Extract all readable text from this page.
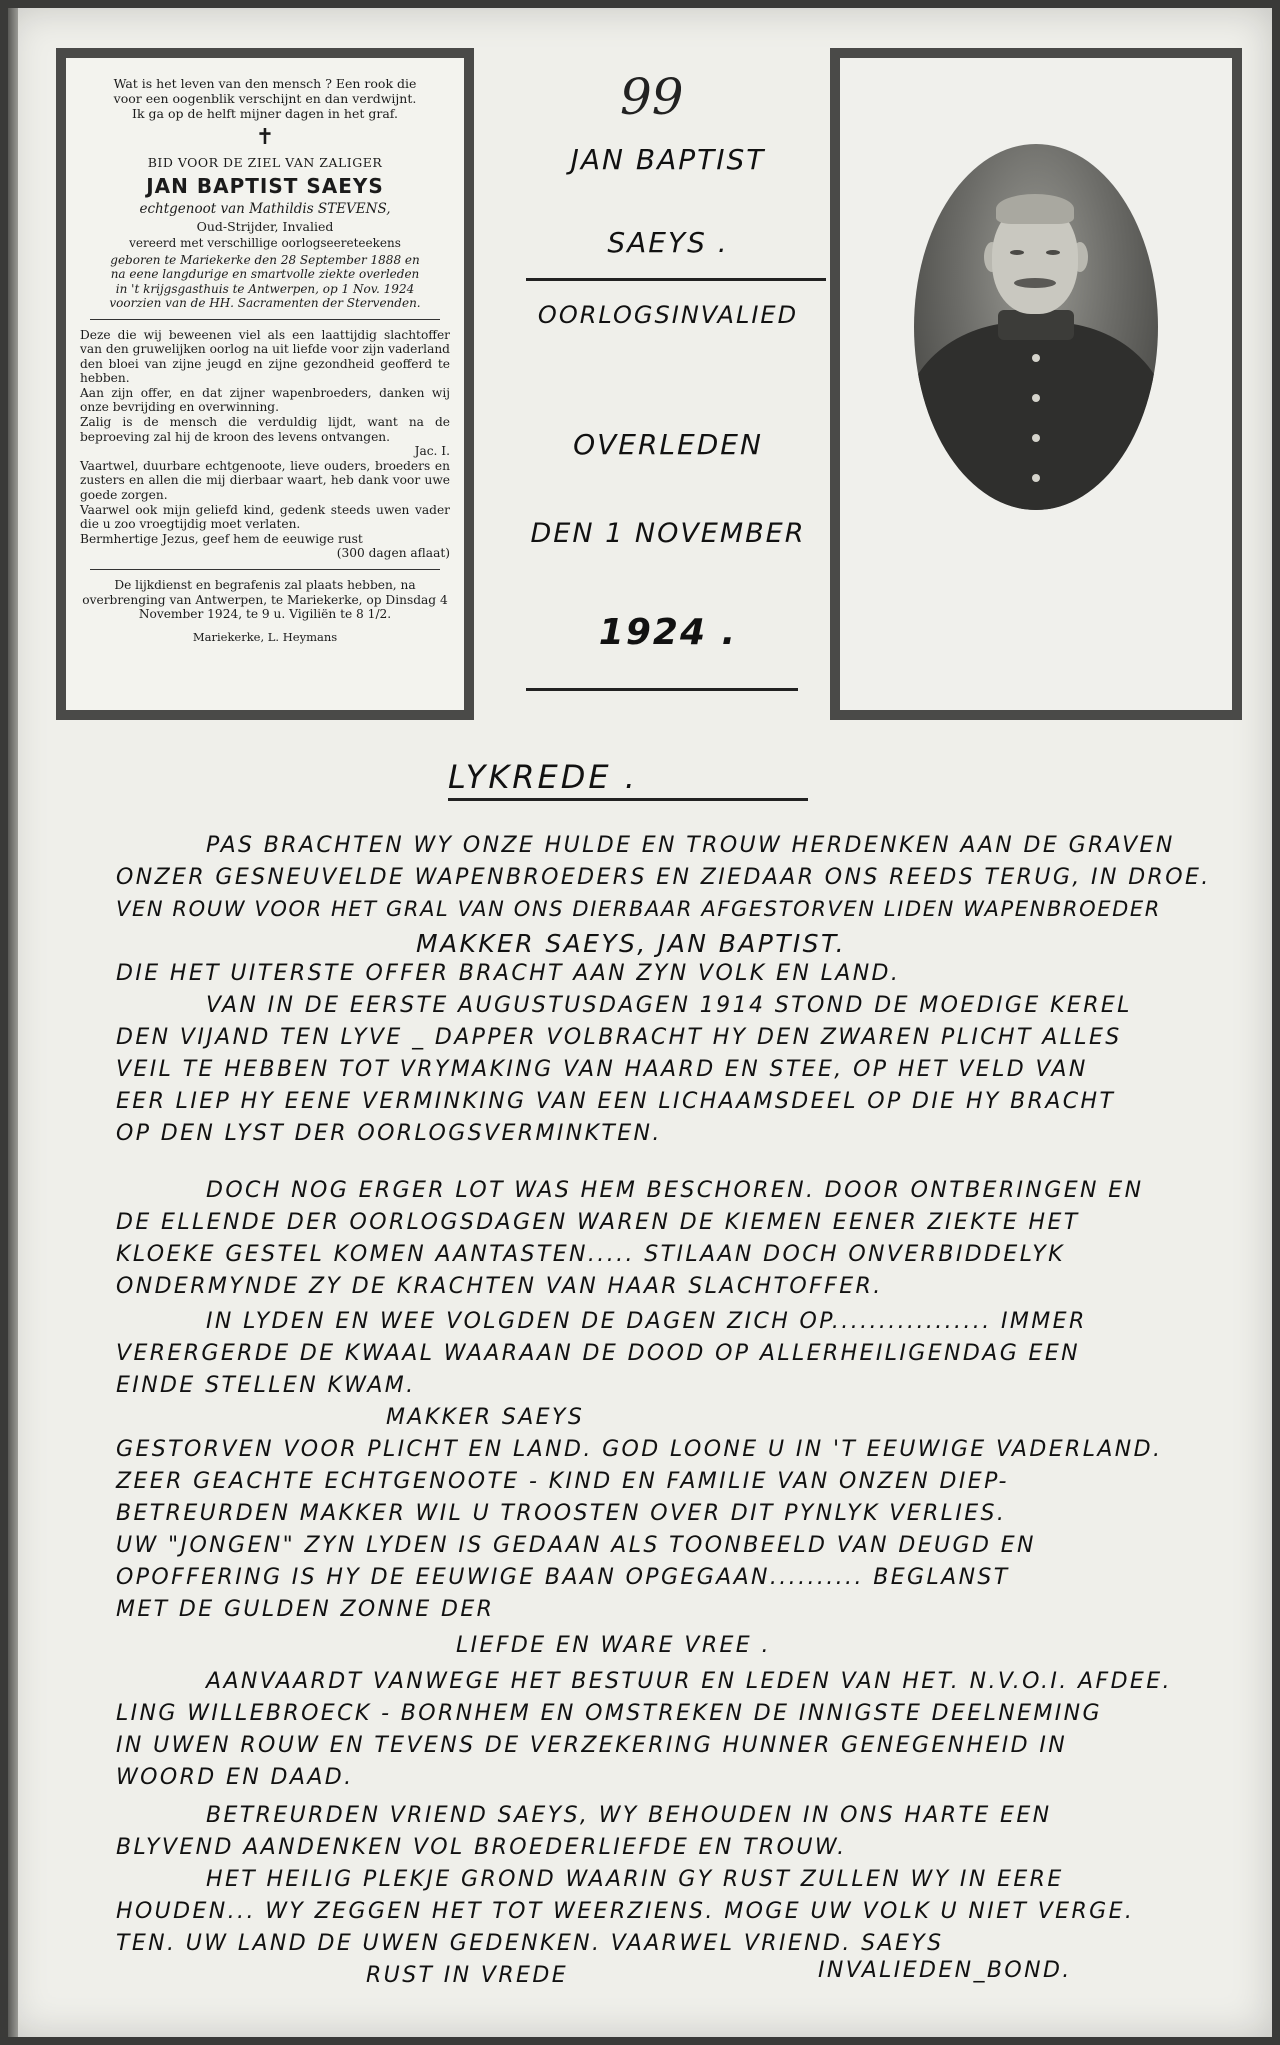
Wat is het leven van den mensch ? Een rook die
voor een oogenblik verschijnt en dan verdwijnt.
Ik ga op de helft mijner dagen in het graf.
✝
BID VOOR DE ZIEL VAN ZALIGER
JAN BAPTIST SAEYS
echtgenoot van Mathildis STEVENS,
Oud-Strijder, Invalied
vereerd met verschillige oorlogseereteekens
geboren te Mariekerke den 28 September 1888 en
na eene langdurige en smartvolle ziekte overleden
in 't krijgsgasthuis te Antwerpen, op 1 Nov. 1924
voorzien van de HH. Sacramenten der Stervenden.

Deze die wij beweenen viel als een laattijdig slachtoffer van den gruwelijken oorlog na uit liefde voor zijn vaderland den bloei van zijne jeugd en zijne gezondheid geofferd te hebben.

Aan zijn offer, en dat zijner wapenbroeders, danken wij onze bevrijding en overwinning.

Zalig is de mensch die verduldig lijdt, want na de beproeving zal hij de kroon des levens ontvangen.

Jac. I.

Vaartwel, duurbare echtgenoote, lieve ouders, broeders en zusters en allen die mij dierbaar waart, heb dank voor uwe goede zorgen.

Vaarwel ook mijn geliefd kind, gedenk steeds uwen vader die u zoo vroegtijdig moet verlaten.

Bermhertige Jezus, geef hem de eeuwige rust

(300 dagen aflaat)

De lijkdienst en begrafenis zal plaats hebben, na overbrenging van Antwerpen, te Mariekerke, op Dinsdag 4 November 1924, te 9 u. Vigiliën te 8 1/2.
Mariekerke, L. Heymans
99
JAN BAPTIST
SAEYS .
OORLOGSINVALIED
OVERLEDEN
DEN 1 NOVEMBER
1924 .
LYKREDE .
PAS BRACHTEN WY ONZE HULDE EN TROUW HERDENKEN AAN DE GRAVEN
ONZER GESNEUVELDE WAPENBROEDERS EN ZIEDAAR ONS REEDS TERUG, IN DROE.
VEN ROUW VOOR HET GRAL VAN ONS DIERBAAR AFGESTORVEN LIDEN WAPENBROEDER
MAKKER SAEYS, JAN BAPTIST.
DIE HET UITERSTE OFFER BRACHT AAN ZYN VOLK EN LAND.
VAN IN DE EERSTE AUGUSTUSDAGEN 1914 STOND DE MOEDIGE KEREL
DEN VIJAND TEN LYVE _ DAPPER VOLBRACHT HY DEN ZWAREN PLICHT ALLES
VEIL TE HEBBEN TOT VRYMAKING VAN HAARD EN STEE, OP HET VELD VAN
EER LIEP HY EENE VERMINKING VAN EEN LICHAAMSDEEL OP DIE HY BRACHT
OP DEN LYST DER OORLOGSVERMINKTEN.
DOCH NOG ERGER LOT WAS HEM BESCHOREN. DOOR ONTBERINGEN EN
DE ELLENDE DER OORLOGSDAGEN WAREN DE KIEMEN EENER ZIEKTE HET
KLOEKE GESTEL KOMEN AANTASTEN..... STILAAN DOCH ONVERBIDDELYK
ONDERMYNDE ZY DE KRACHTEN VAN HAAR SLACHTOFFER.
IN LYDEN EN WEE VOLGDEN DE DAGEN ZICH OP................. IMMER
VERERGERDE DE KWAAL WAARAAN DE DOOD OP ALLERHEILIGENDAG EEN
EINDE STELLEN KWAM.
MAKKER SAEYS
GESTORVEN VOOR PLICHT EN LAND. GOD LOONE U IN 'T EEUWIGE VADERLAND.
ZEER GEACHTE ECHTGENOOTE - KIND EN FAMILIE VAN ONZEN DIEP-
BETREURDEN MAKKER WIL U TROOSTEN OVER DIT PYNLYK VERLIES.
UW "JONGEN" ZYN LYDEN IS GEDAAN ALS TOONBEELD VAN DEUGD EN
OPOFFERING IS HY DE EEUWIGE BAAN OPGEGAAN.......... BEGLANST
MET DE GULDEN ZONNE DER
LIEFDE EN WARE VREE .
AANVAARDT VANWEGE HET BESTUUR EN LEDEN VAN HET. N.V.O.I. AFDEE.
LING WILLEBROECK - BORNHEM EN OMSTREKEN DE INNIGSTE DEELNEMING
IN UWEN ROUW EN TEVENS DE VERZEKERING HUNNER GENEGENHEID IN
WOORD EN DAAD.
BETREURDEN VRIEND SAEYS, WY BEHOUDEN IN ONS HARTE EEN
BLYVEND AANDENKEN VOL BROEDERLIEFDE EN TROUW.
HET HEILIG PLEKJE GROND WAARIN GY RUST ZULLEN WY IN EERE
HOUDEN... WY ZEGGEN HET TOT WEERZIENS. MOGE UW VOLK U NIET VERGE.
TEN. UW LAND DE UWEN GEDENKEN. VAARWEL VRIEND. SAEYS
RUST IN VREDE	INVALIEDEN_BOND.
